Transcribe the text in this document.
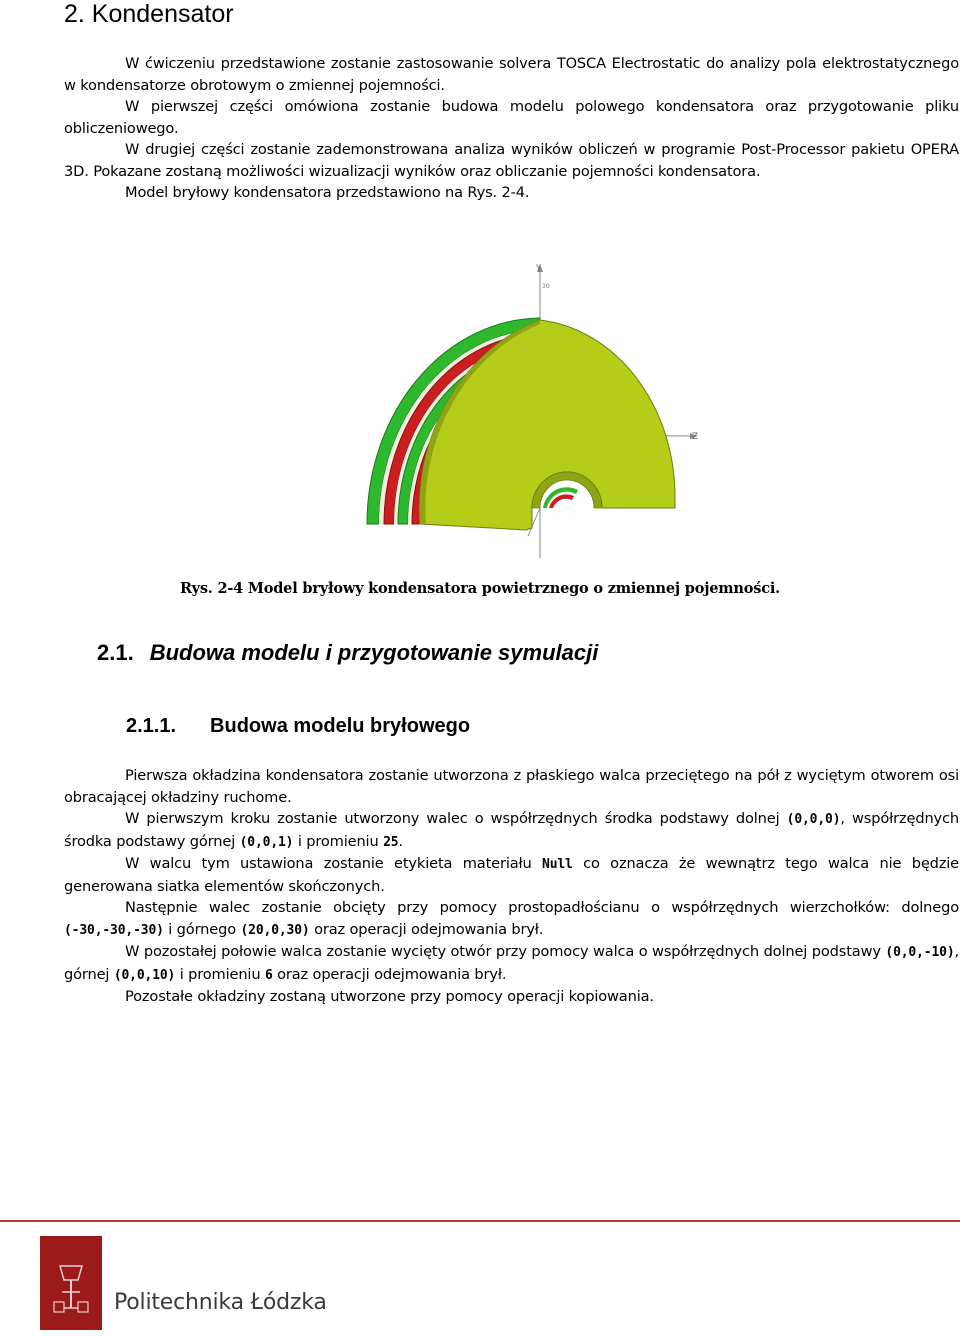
2. Kondensator

W ćwiczeniu przedstawione zostanie zastosowanie solvera TOSCA Electrostatic do analizy pola elektrostatycznego w kondensatorze obrotowym o zmiennej pojemności.

W pierwszej części omówiona zostanie budowa modelu polowego kondensatora oraz przygotowanie pliku obliczeniowego.

W drugiej części zostanie zademonstrowana analiza wyników obliczeń w programie Post-Processor pakietu OPERA 3D. Pokazane zostaną możliwości wizualizacji wyników oraz obliczanie pojemności kondensatora.

Model bryłowy kondensatora przedstawiono na Rys. 2-4.

Y
Z
30
Rys. 2-4 Model bryłowy kondensatora powietrznego o zmiennej pojemności.
2.1. Budowa modelu i przygotowanie symulacji
2.1.1. Budowa modelu bryłowego

Pierwsza okładzina kondensatora zostanie utworzona z płaskiego walca przeciętego na pół z wyciętym otworem osi obracającej okładziny ruchome.

W pierwszym kroku zostanie utworzony walec o współrzędnych środka podstawy dolnej (0,0,0), współrzędnych środka podstawy górnej (0,0,1) i promieniu 25.

W walcu tym ustawiona zostanie etykieta materiału Null co oznacza że wewnątrz tego walca nie będzie generowana siatka elementów skończonych.

Następnie walec zostanie obcięty przy pomocy prostopadłościanu o współrzędnych wierzchołków: dolnego (-30,-30,-30) i górnego (20,0,30) oraz operacji odejmowania brył.

W pozostałej połowie walca zostanie wycięty otwór przy pomocy walca o współrzędnych dolnej podstawy (0,0,-10), górnej (0,0,10) i promieniu 6 oraz operacji odejmowania brył.

Pozostałe okładziny zostaną utworzone przy pomocy operacji kopiowania.

Politechnika Łódzka
